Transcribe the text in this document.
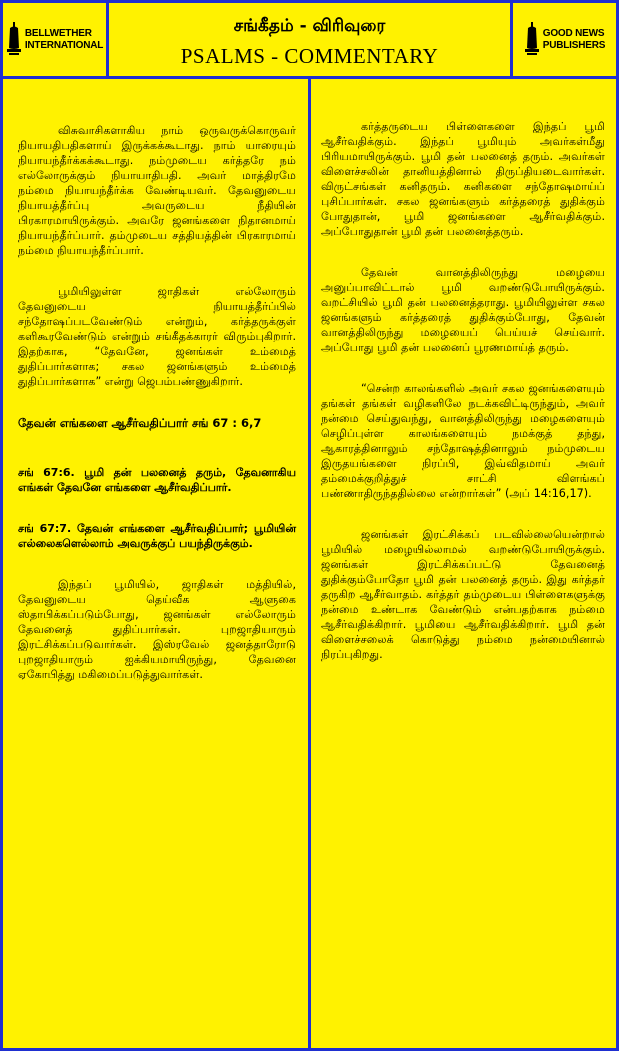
BELLWETHER
INTERNATIONAL
சங்கீதம் - விரிவுரை
PSALMS - COMMENTARY
GOOD NEWS
PUBLISHERS

விசுவாசிகளாகிய நாம் ஒருவருக்கொருவர் நியாயதிபதிகளாய் இருக்கக்கூடாது. நாம் யாரையும் நியாயந்தீர்க்கக்கூடாது. நம்முடைய கர்த்தரே நம் எல்லோருக்கும் நியாயாதிபதி. அவர் மாத்திரமே நம்மை நியாயந்தீர்க்க வேண்டியவர். தேவனுடைய நியாயத்தீர்ப்பு அவருடைய நீதியின் பிரகாரமாயிருக்கும். அவரே ஜனங்களை நிதானமாய் நியாயந்தீர்ப்பார். தம்முடைய சத்தியத்தின் பிரகாரமாய் நம்மை நியாயந்தீர்ப்பார்.

பூமியிலுள்ள ஜாதிகள் எல்லோரும் தேவனுடைய நியாயத்தீர்ப்பில் சந்தோஷப்படவேண்டும் என்றும், கர்த்தருக்குள் களிகூரவேண்டும் என்றும் சங்கீதக்காரர் விரும்புகிறார். இதற்காக, “தேவனே, ஜனங்கள் உம்மைத் துதிப்பார்களாக; சகல ஜனங்களும் உம்மைத் துதிப்பார்களாக” என்று ஜெபம்பண்ணுகிறார்.

தேவன் எங்களை ஆசீர்வதிப்பார் சங் 67 : 6,7
சங் 67:6. பூமி தன் பலனைத் தரும், தேவனாகிய எங்கள் தேவனே எங்களை ஆசீர்வதிப்பார்.
சங் 67:7. தேவன் எங்களை ஆசீர்வதிப்பார்; பூமியின் எல்லைகளெல்லாம் அவருக்குப் பயந்திருக்கும்.

இந்தப் பூமியில், ஜாதிகள் மத்தியில், தேவனுடைய தெய்வீக ஆளுகை ஸ்தாபிக்கப்படும்போது, ஜனங்கள் எல்லோரும் தேவனைத் துதிப்பார்கள். புறஜாதியாரும் இரட்சிக்கப்படுவார்கள். இஸ்ரவேல் ஜனத்தாரோடு புறஜாதியாரும் ஐக்கியமாயிருந்து, தேவனை ஏகோபித்து மகிமைப்படுத்துவார்கள்.

கர்த்தருடைய பிள்ளைகளை இந்தப் பூமி ஆசீர்வதிக்கும். இந்தப் பூமியும் அவர்கள்மீது பிரியமாயிருக்கும். பூமி தன் பலனைத் தரும். அவர்கள் விளைச்சலின் தானியத்தினால் திருப்தியடைவார்கள். விருட்சங்கள் கனிதரும். கனிகளை சந்தோஷமாய்ப் புசிப்பார்கள். சகல ஜனங்களும் கர்த்தரைத் துதிக்கும் போதுதான், பூமி ஜனங்களை ஆசீர்வதிக்கும். அப்போதுதான் பூமி தன் பலனைத்தரும்.

தேவன் வானத்திலிருந்து மழையை அனுப்பாவிட்டால் பூமி வறண்டுபோயிருக்கும். வறட்சியில் பூமி தன் பலனைத்தராது. பூமியிலுள்ள சகல ஜனங்களும் கர்த்தரைத் துதிக்கும்போது, தேவன் வானத்திலிருந்து மழையைப் பெய்யச் செய்வார். அப்போது பூமி தன் பலனைப் பூரணமாய்த் தரும்.

“சென்ற காலங்களில் அவர் சகல ஜனங்களையும் தங்கள் தங்கள் வழிகளிலே நடக்கவிட்டிருந்தும், அவர் நன்மை செய்துவந்து, வானத்திலிருந்து மழைகளையும் செழிப்புள்ள காலங்களையும் நமக்குத் தந்து, ஆகாரத்தினாலும் சந்தோஷத்தினாலும் நம்முடைய இருதயங்களை நிரப்பி, இவ்விதமாய் அவர் தம்மைக்குறித்துச் சாட்சி விளங்கப் பண்ணாதிருந்ததில்லை என்றார்கள்” (அப் 14:16,17).

ஜனங்கள் இரட்சிக்கப் படவில்லையென்றால் பூமியில் மழையில்லாமல் வறண்டுபோயிருக்கும். ஜனங்கள் இரட்சிக்கப்பட்டு தேவனைத் துதிக்கும்போதோ பூமி தன் பலனைத் தரும். இது கர்த்தர் தருகிற ஆசீர்வாதம். கர்த்தர் தம்முடைய பிள்ளைகளுக்கு நன்மை உண்டாக வேண்டும் என்பதற்காக நம்மை ஆசீர்வதிக்கிறார். பூமியை ஆசீர்வதிக்கிறார். பூமி தன் விளைச்சலைக் கொடுத்து நம்மை நன்மையினால் நிரப்புகிறது.
